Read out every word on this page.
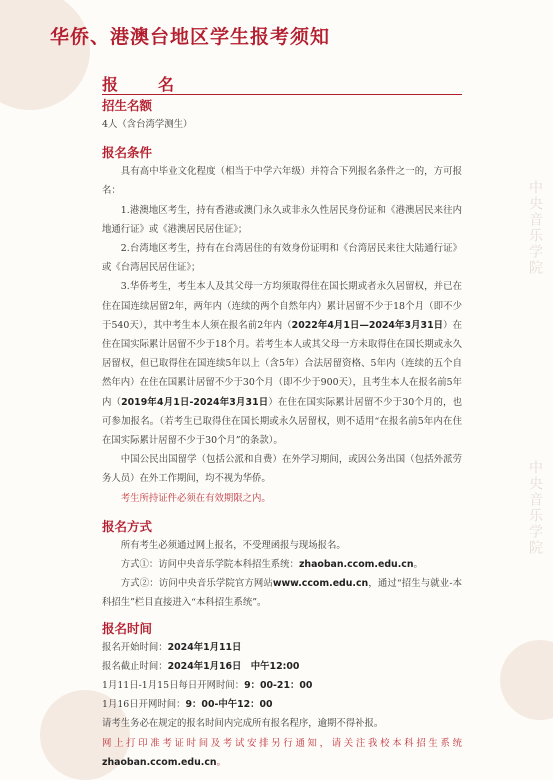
中央音乐学院
中央音乐学院
华侨、港澳台地区学生报考须知
报　名
招生名额

4人（含台湾学测生）

报名条件

具有高中毕业文化程度（相当于中学六年级）并符合下列报名条件之一的，方可报名：

1.港澳地区考生，持有香港或澳门永久或非永久性居民身份证和《港澳居民来往内地通行证》或《港澳居民居住证》；

2.台湾地区考生，持有在台湾居住的有效身份证明和《台湾居民来往大陆通行证》或《台湾居民居住证》；

3.华侨考生，考生本人及其父母一方均须取得住在国长期或者永久居留权，并已在住在国连续居留2年，两年内（连续的两个自然年内）累计居留不少于18个月（即不少于540天），其中考生本人须在报名前2年内（2022年4月1日—2024年3月31日）在住在国实际累计居留不少于18个月。若考生本人或其父母一方未取得住在国长期或永久居留权，但已取得住在国连续5年以上（含5年）合法居留资格、5年内（连续的五个自然年内）在住在国累计居留不少于30个月（即不少于900天），且考生本人在报名前5年内（2019年4月1日-2024年3月31日）在住在国实际累计居留不少于30个月的，也可参加报名。（若考生已取得住在国长期或永久居留权，则不适用“在报名前5年内在住在国实际累计居留不少于30个月”的条款）。

中国公民出国留学（包括公派和自费）在外学习期间，或因公务出国（包括外派劳务人员）在外工作期间，均不视为华侨。

考生所持证件必须在有效期限之内。

报名方式

所有考生必须通过网上报名，不受理函报与现场报名。

方式①：访问中央音乐学院本科招生系统：zhaoban.ccom.edu.cn。

方式②：访问中央音乐学院官方网站www.ccom.edu.cn，通过“招生与就业-本科招生”栏目直接进入“本科招生系统”。

报名时间

报名开始时间：2024年1月11日

报名截止时间：2024年1月16日　中午12:00

1月11日-1月15日每日开网时间：9：00-21：00

1月16日开网时间：9：00-中午12：00

请考生务必在规定的报名时间内完成所有报名程序，逾期不得补报。

网上打印准考证时间及考试安排另行通知，请关注我校本科招生系统zhaoban.ccom.edu.cn。
